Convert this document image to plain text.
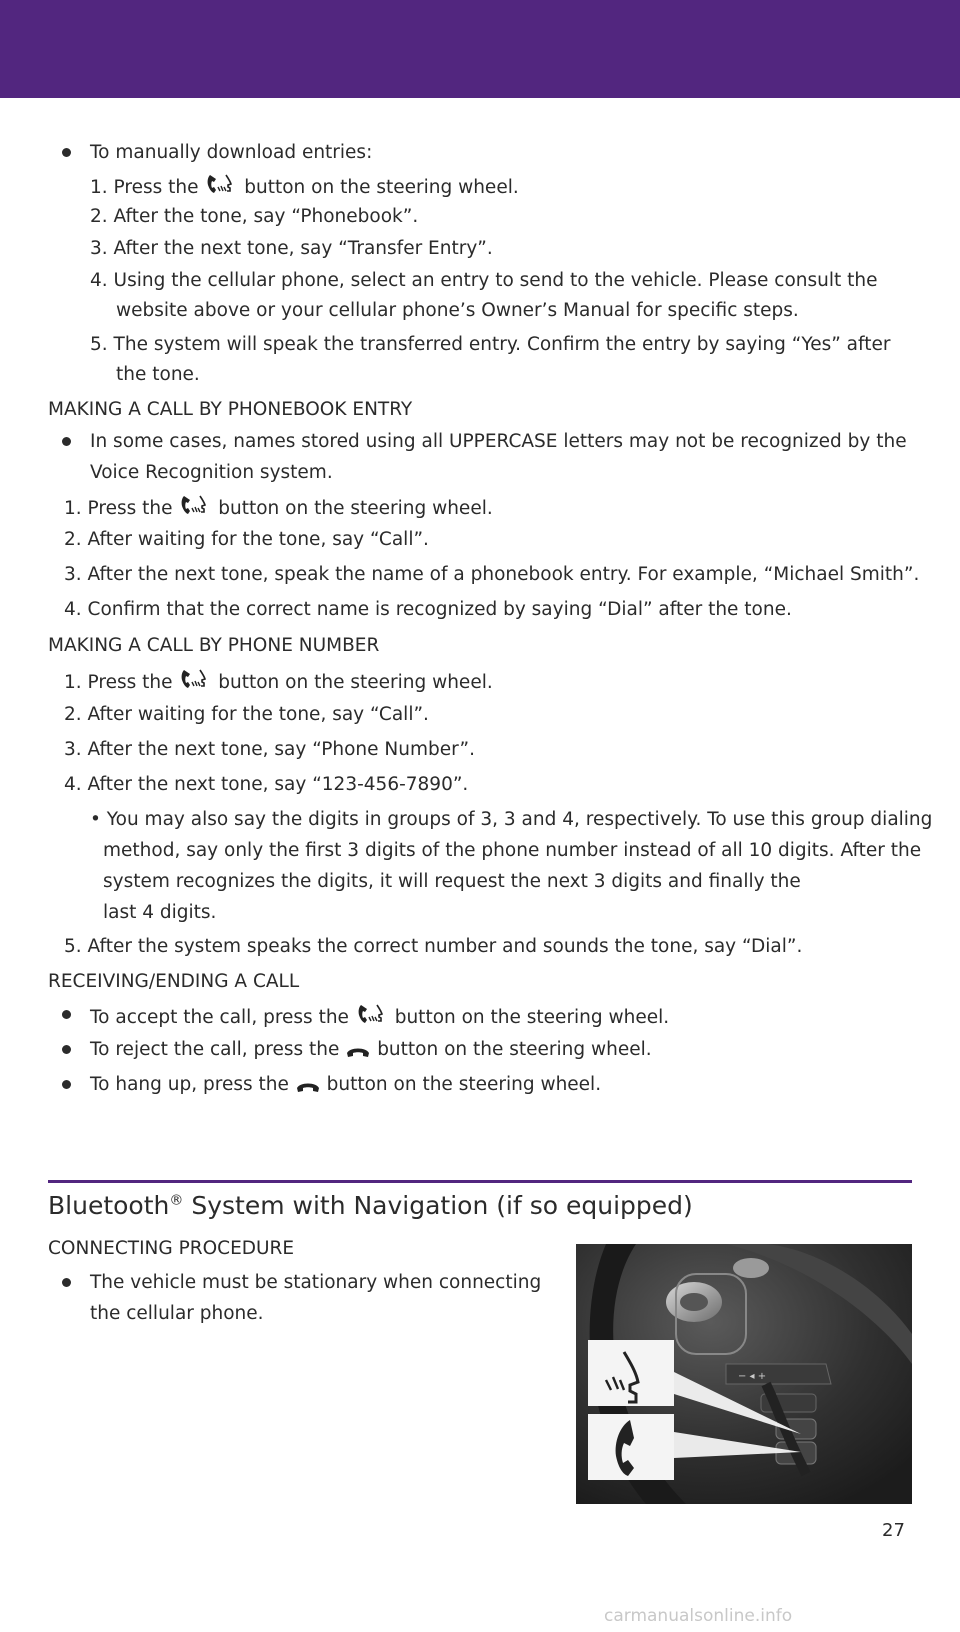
To manually download entries:
1. Press the button on the steering wheel.
2. After the tone, say “Phonebook”.
3. After the next tone, say “Transfer Entry”.
4. Using the cellular phone, select an entry to send to the vehicle. Please consult the
website above or your cellular phone’s Owner’s Manual for specific steps.
5. The system will speak the transferred entry. Confirm the entry by saying “Yes” after
the tone.
MAKING A CALL BY PHONEBOOK ENTRY
In some cases, names stored using all UPPERCASE letters may not be recognized by the
Voice Recognition system.
1. Press the button on the steering wheel.
2. After waiting for the tone, say “Call”.
3. After the next tone, speak the name of a phonebook entry. For example, “Michael Smith”.
4. Confirm that the correct name is recognized by saying “Dial” after the tone.
MAKING A CALL BY PHONE NUMBER
1. Press the button on the steering wheel.
2. After waiting for the tone, say “Call”.
3. After the next tone, say “Phone Number”.
4. After the next tone, say “123-456-7890”.
• You may also say the digits in groups of 3, 3 and 4, respectively. To use this group dialing
method, say only the first 3 digits of the phone number instead of all 10 digits. After the
system recognizes the digits, it will request the next 3 digits and finally the
last 4 digits.
5. After the system speaks the correct number and sounds the tone, say “Dial”.
RECEIVING/ENDING A CALL
To accept the call, press the button on the steering wheel.
To reject the call, press the button on the steering wheel.
To hang up, press the button on the steering wheel.
Bluetooth® System with Navigation (if so equipped)
CONNECTING PROCEDURE
The vehicle must be stationary when connecting
the cellular phone.
− ◂ +
27
carmanualsonline.info
